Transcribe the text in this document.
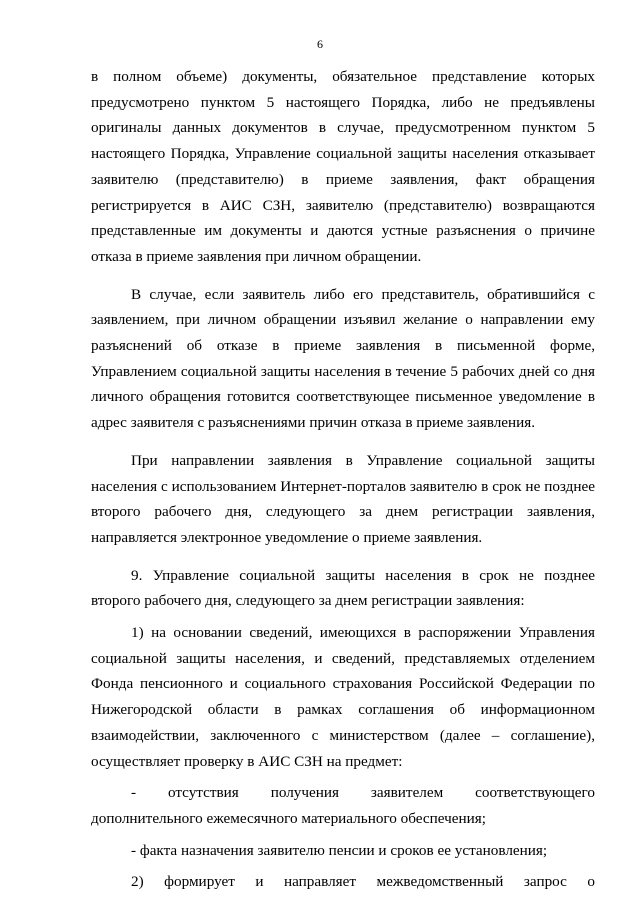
6

в полном объеме) документы, обязательное представление которых предусмотрено пунктом 5 настоящего Порядка, либо не предъявлены оригиналы данных документов в случае, предусмотренном пунктом 5 настоящего Порядка, Управление социальной защиты населения отказывает заявителю (представителю) в приеме заявления, факт обращения регистрируется в АИС СЗН, заявителю (представителю) возвращаются представленные им документы и даются устные разъяснения о причине отказа в приеме заявления при личном обращении.

В случае, если заявитель либо его представитель, обратившийся с заявлением, при личном обращении изъявил желание о направлении ему разъяснений об отказе в приеме заявления в письменной форме, Управлением социальной защиты населения в течение 5 рабочих дней со дня личного обращения готовится соответствующее письменное уведомление в адрес заявителя с разъяснениями причин отказа в приеме заявления.

При направлении заявления в Управление социальной защиты населения с использованием Интернет-порталов заявителю в срок не позднее второго рабочего дня, следующего за днем регистрации заявления, направляется электронное уведомление о приеме заявления.

9. Управление социальной защиты населения в срок не позднее второго рабочего дня, следующего за днем регистрации заявления:

1) на основании сведений, имеющихся в распоряжении Управления социальной защиты населения, и сведений, представляемых отделением Фонда пенсионного и социального страхования Российской Федерации по Нижегородской области в рамках соглашения об информационном взаимодействии, заключенного с министерством (далее – соглашение), осуществляет проверку в АИС СЗН на предмет:

- отсутствия получения заявителем соответствующего дополнительного ежемесячного материального обеспечения;

- факта назначения заявителю пенсии и сроков ее установления;

2) формирует и направляет межведомственный запрос о
